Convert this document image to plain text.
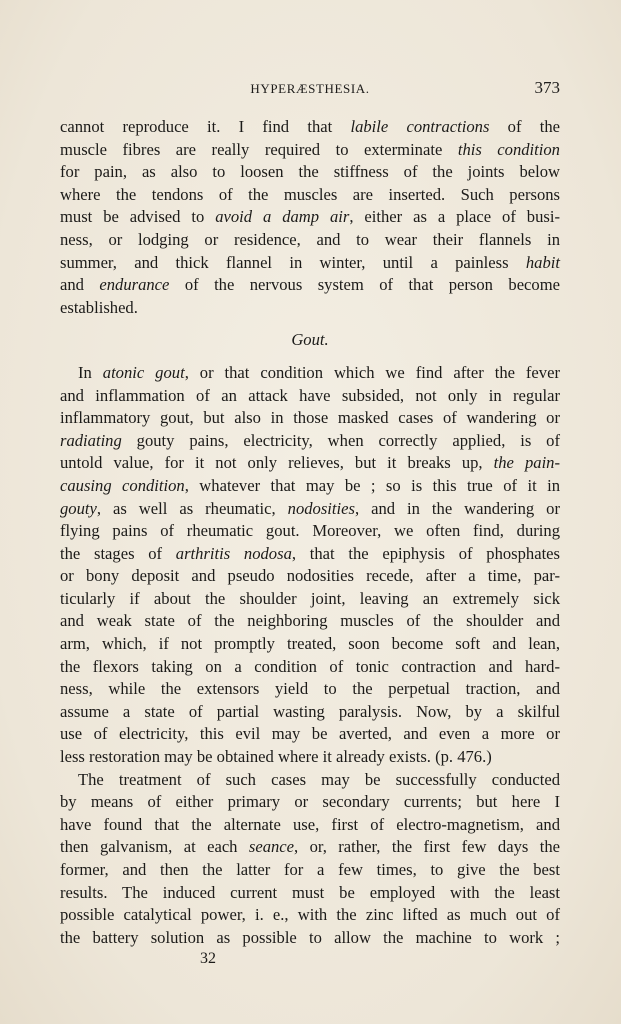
HYPERÆSTHESIA.	373
cannot reproduce it. I find that labile contractions of the
muscle fibres are really required to exterminate this condition
for pain, as also to loosen the stiffness of the joints below
where the tendons of the muscles are inserted. Such persons
must be advised to avoid a damp air, either as a place of busi-
ness, or lodging or residence, and to wear their flannels in
summer, and thick flannel in winter, until a painless habit
and endurance of the nervous system of that person become
established.
Gout.
In atonic gout, or that condition which we find after the fever
and inflammation of an attack have subsided, not only in regular
inflammatory gout, but also in those masked cases of wandering or
radiating gouty pains, electricity, when correctly applied, is of
untold value, for it not only relieves, but it breaks up, the pain-
causing condition, whatever that may be ; so is this true of it in
gouty, as well as rheumatic, nodosities, and in the wandering or
flying pains of rheumatic gout. Moreover, we often find, during
the stages of arthritis nodosa, that the epiphysis of phosphates
or bony deposit and pseudo nodosities recede, after a time, par-
ticularly if about the shoulder joint, leaving an extremely sick
and weak state of the neighboring muscles of the shoulder and
arm, which, if not promptly treated, soon become soft and lean,
the flexors taking on a condition of tonic contraction and hard-
ness, while the extensors yield to the perpetual traction, and
assume a state of partial wasting paralysis. Now, by a skilful
use of electricity, this evil may be averted, and even a more or
less restoration may be obtained where it already exists. (p. 476.)
The treatment of such cases may be successfully conducted
by means of either primary or secondary currents; but here I
have found that the alternate use, first of electro-magnetism, and
then galvanism, at each seance, or, rather, the first few days the
former, and then the latter for a few times, to give the best
results. The induced current must be employed with the least
possible catalytical power, i. e., with the zinc lifted as much out of
the battery solution as possible to allow the machine to work ;
32
